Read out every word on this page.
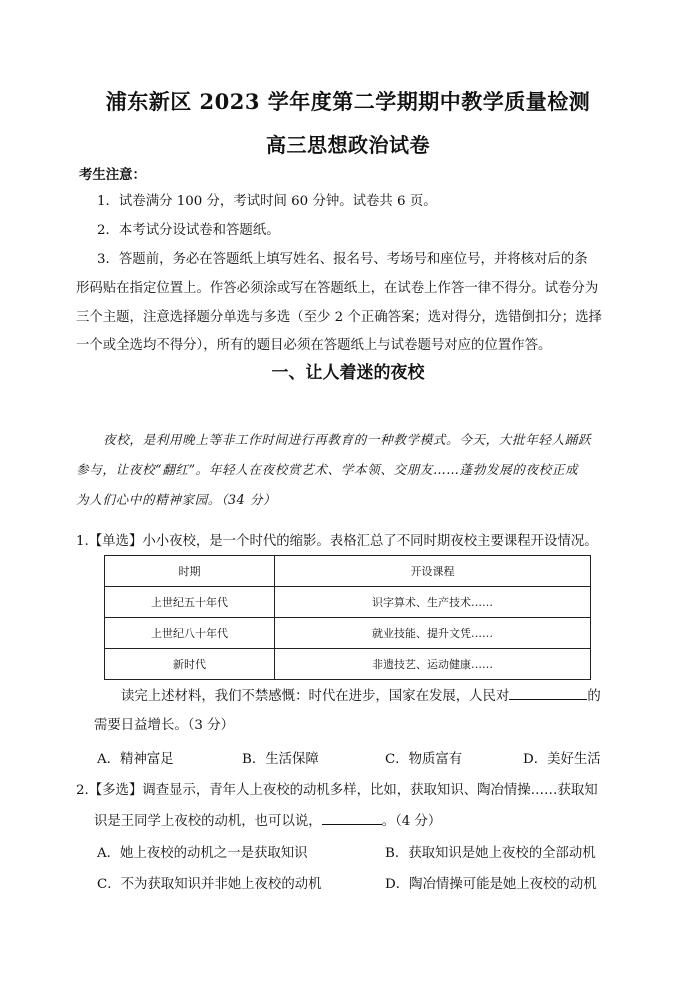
浦东新区 2023 学年度第二学期期中教学质量检测
高三思想政治试卷
考生注意：
1．试卷满分 100 分，考试时间 60 分钟。试卷共 6 页。
2．本考试分设试卷和答题纸。
3．答题前，务必在答题纸上填写姓名、报名号、考场号和座位号，并将核对后的条
形码贴在指定位置上。作答必须涂或写在答题纸上，在试卷上作答一律不得分。试卷分为
三个主题，注意选择题分单选与多选（至少 2 个正确答案；选对得分，选错倒扣分；选择
一个或全选均不得分），所有的题目必须在答题纸上与试卷题号对应的位置作答。
一、让人着迷的夜校
夜校，是利用晚上等非工作时间进行再教育的一种教学模式。今天，大批年轻人踊跃
参与，让夜校“翻红”。年轻人在夜校赏艺术、学本领、交朋友……蓬勃发展的夜校正成
为人们心中的精神家园。（34 分）
1.【单选】小小夜校，是一个时代的缩影。表格汇总了不同时期夜校主要课程开设情况。
时期	开设课程
上世纪五十年代	识字算术、生产技术……
上世纪八十年代	就业技能、提升文凭……
新时代	非遗技艺、运动健康……
读完上述材料，我们不禁感慨：时代在进步，国家在发展，人民对	的
需要日益增长。（3 分）
A．精神富足	B．生活保障	C．物质富有	D．美好生活
2.【多选】调查显示，青年人上夜校的动机多样，比如，获取知识、陶冶情操……获取知
识是王同学上夜校的动机，也可以说，	。（4 分）
A．她上夜校的动机之一是获取知识	B．获取知识是她上夜校的全部动机
C．不为获取知识并非她上夜校的动机	D．陶冶情操可能是她上夜校的动机
